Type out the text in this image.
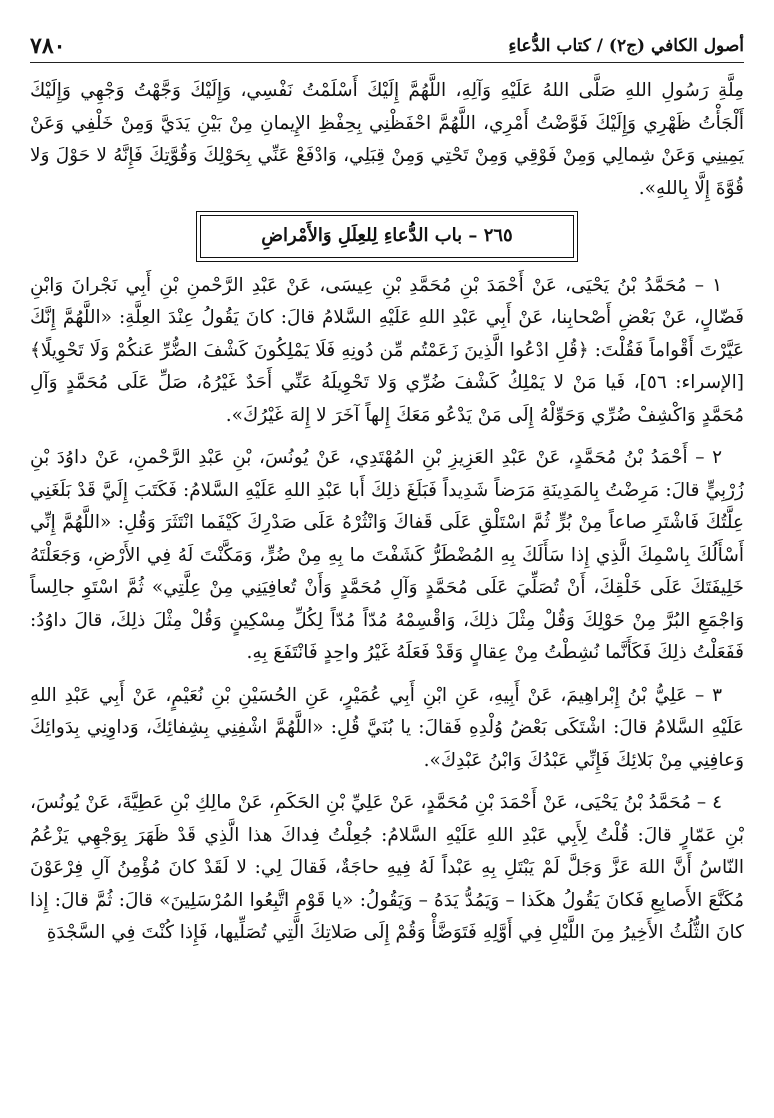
٧٨٠	أصول الكافي (ج٢) / كتاب الدُّعاءِ

مِلَّةِ رَسُولِ اللهِ صَلَّى اللهُ عَلَيْهِ وَآلِهِ، اللَّهُمَّ إِلَيْكَ أَسْلَمْتُ نَفْسِي، وَإِلَيْكَ وَجَّهْتُ وَجْهِي وَإِلَيْكَ أَلْجَأْتُ ظَهْرِي وَإِلَيْكَ فَوَّضْتُ أَمْرِي، اللَّهُمَّ احْفَظْنِي بِحِفْظِ الإِيمانِ مِنْ بَيْنِ يَدَيَّ وَمِنْ خَلْفِي وَعَنْ يَمِينِي وَعَنْ شِمالِي وَمِنْ فَوْقِي وَمِنْ تَحْتِي وَمِنْ قِبَلِي، وَادْفَعْ عَنِّي بِحَوْلِكَ وَقُوَّتِكَ فَإِنَّهُ لا حَوْلَ وَلا قُوَّةَ إِلَّا بِاللهِ».

٢٦٥ – باب الدُّعاءِ لِلعِلَلِ وَالأَمْراضِ

١ – مُحَمَّدُ بْنُ يَحْيَى، عَنْ أَحْمَدَ بْنِ مُحَمَّدِ بْنِ عِيسَى، عَنْ عَبْدِ الرَّحْمنِ بْنِ أَبِي نَجْرانَ وَابْنِ فَضّالٍ، عَنْ بَعْضِ أَصْحابِنا، عَنْ أَبِي عَبْدِ اللهِ عَلَيْهِ السَّلامُ قالَ: كانَ يَقُولُ عِنْدَ العِلَّةِ: «اللَّهُمَّ إِنَّكَ عَيَّرْتَ أَقْواماً فَقُلْتَ: ﴿قُلِ ادْعُوا الَّذِينَ زَعَمْتُم مِّن دُونِهِ فَلَا يَمْلِكُونَ كَشْفَ الضُّرِّ عَنكُمْ وَلَا تَحْوِيلًا﴾ [الإسراء: ٥٦]، فَيا مَنْ لا يَمْلِكُ كَشْفَ ضُرِّي وَلا تَحْوِيلَهُ عَنِّي أَحَدٌ غَيْرُهُ، صَلِّ عَلَى مُحَمَّدٍ وَآلِ مُحَمَّدٍ وَاكْشِفْ ضُرِّي وَحَوِّلْهُ إِلَى مَنْ يَدْعُو مَعَكَ إِلهاً آخَرَ لا إِلهَ غَيْرُكَ».

٢ – أَحْمَدُ بْنُ مُحَمَّدٍ، عَنْ عَبْدِ العَزِيزِ بْنِ المُهْتَدِي، عَنْ يُونُسَ، بْنِ عَبْدِ الرَّحْمنِ، عَنْ داوُدَ بْنِ زُرْبِيٍّ قالَ: مَرِضْتُ بِالمَدِينَةِ مَرَضاً شَدِيداً فَبَلَغَ ذلِكَ أَبا عَبْدِ اللهِ عَلَيْهِ السَّلامُ: فَكَتَبَ إِلَيَّ قَدْ بَلَغَنِي عِلَّتُكَ فَاشْتَرِ صاعاً مِنْ بُرٍّ ثُمَّ اسْتَلْقِ عَلَى قَفاكَ وَانْثُرْهُ عَلَى صَدْرِكَ كَيْفَما انْتَثَرَ وَقُلِ: «اللَّهُمَّ إِنِّي أَسْأَلُكَ بِاسْمِكَ الَّذِي إِذا سَأَلَكَ بِهِ المُضْطَرُّ كَشَفْتَ ما بِهِ مِنْ ضُرٍّ، وَمَكَّنْتَ لَهُ فِي الأَرْضِ، وَجَعَلْتَهُ خَلِيفَتَكَ عَلَى خَلْقِكَ، أَنْ تُصَلِّيَ عَلَى مُحَمَّدٍ وَآلِ مُحَمَّدٍ وَأَنْ تُعافِيَنِي مِنْ عِلَّتِي» ثُمَّ اسْتَوِ جالِساً وَاجْمَعِ البُرَّ مِنْ حَوْلِكَ وَقُلْ مِثْلَ ذلِكَ، وَاقْسِمْهُ مُدّاً مُدّاً لِكُلِّ مِسْكِينٍ وَقُلْ مِثْلَ ذلِكَ، قالَ داوُدُ: فَفَعَلْتُ ذلِكَ فَكَأَنَّما نُشِطْتُ مِنْ عِقالٍ وَقَدْ فَعَلَهُ غَيْرُ واحِدٍ فَانْتَفَعَ بِهِ.

٣ – عَلِيُّ بْنُ إِبْراهِيمَ، عَنْ أَبِيهِ، عَنِ ابْنِ أَبِي عُمَيْرٍ، عَنِ الحُسَيْنِ بْنِ نُعَيْمٍ، عَنْ أَبِي عَبْدِ اللهِ عَلَيْهِ السَّلامُ قالَ: اشْتَكَى بَعْضُ وُلْدِهِ فَقالَ: يا بُنَيَّ قُلِ: «اللَّهُمَّ اشْفِنِي بِشِفائِكَ، وَداوِنِي بِدَوائِكَ وَعافِنِي مِنْ بَلائِكَ فَإِنِّي عَبْدُكَ وَابْنُ عَبْدِكَ».

٤ – مُحَمَّدُ بْنُ يَحْيَى، عَنْ أَحْمَدَ بْنِ مُحَمَّدٍ، عَنْ عَلِيِّ بْنِ الحَكَمِ، عَنْ مالِكِ بْنِ عَطِيَّةَ، عَنْ يُونُسَ، بْنِ عَمّارٍ قالَ: قُلْتُ لِأَبِي عَبْدِ اللهِ عَلَيْهِ السَّلامُ: جُعِلْتُ فِداكَ هذا الَّذِي قَدْ ظَهَرَ بِوَجْهِي يَزْعُمُ النّاسُ أَنَّ اللهَ عَزَّ وَجَلَّ لَمْ يَبْتَلِ بِهِ عَبْداً لَهُ فِيهِ حاجَةٌ، فَقالَ لِي: لا لَقَدْ كانَ مُؤْمِنُ آلِ فِرْعَوْنَ مُكَنَّعَ الأَصابِعِ فَكانَ يَقُولُ هكَذا – وَيَمُدُّ يَدَهُ – وَيَقُولُ: «يا قَوْمِ اتَّبِعُوا المُرْسَلِينَ» قالَ: ثُمَّ قالَ: إِذا كانَ الثُّلُثُ الأَخِيرُ مِنَ اللَّيْلِ فِي أَوَّلِهِ فَتَوَضَّأْ وَقُمْ إِلَى صَلاتِكَ الَّتِي تُصَلِّيها، فَإِذا كُنْتَ فِي السَّجْدَةِ
